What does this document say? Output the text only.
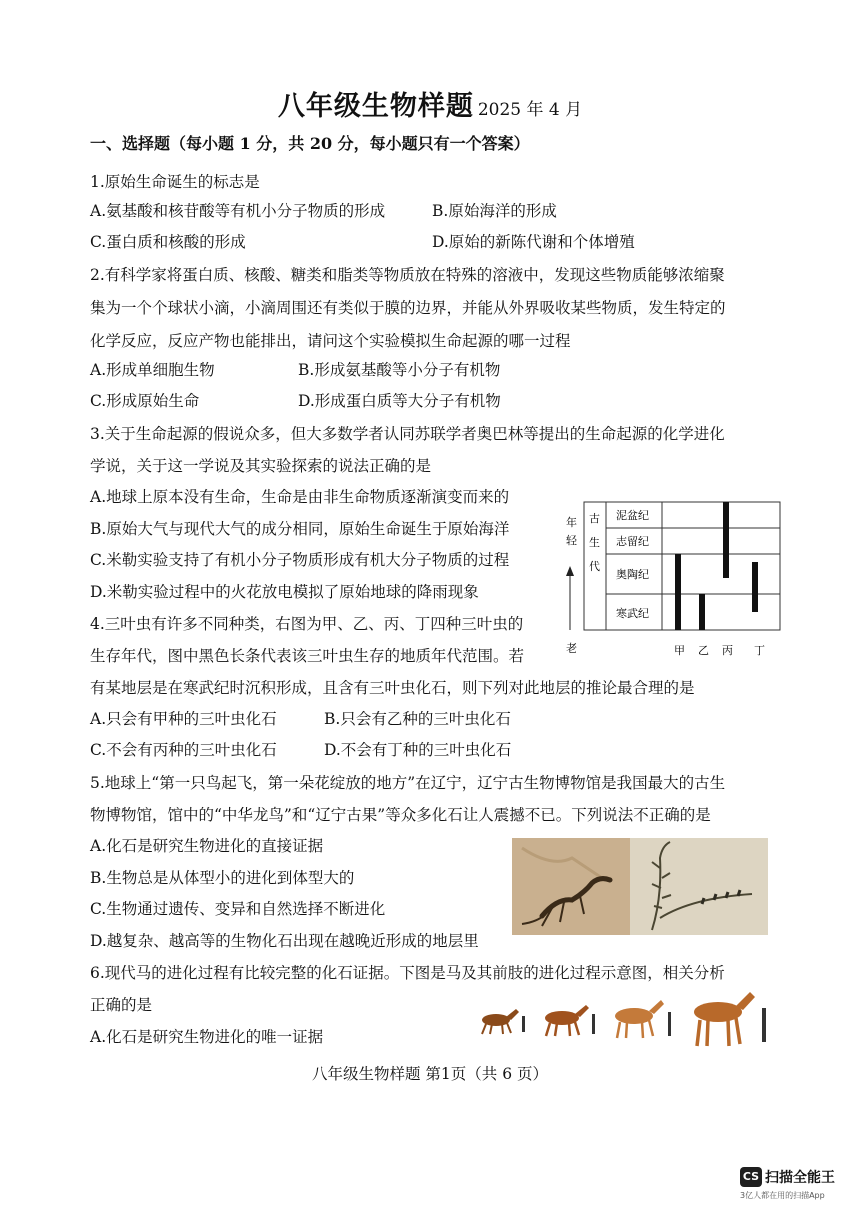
八年级生物样题 2025 年 4 月
一、选择题（每小题 1 分，共 20 分，每小题只有一个答案）
1.原始生命诞生的标志是
A.氨基酸和核苷酸等有机小分子物质的形成	B.原始海洋的形成
C.蛋白质和核酸的形成	D.原始的新陈代谢和个体增殖
2.有科学家将蛋白质、核酸、糖类和脂类等物质放在特殊的溶液中，发现这些物质能够浓缩聚
集为一个个球状小滴，小滴周围还有类似于膜的边界，并能从外界吸收某些物质，发生特定的
化学反应，反应产物也能排出，请问这个实验模拟生命起源的哪一过程
A.形成单细胞生物	B.形成氨基酸等小分子有机物
C.形成原始生命	D.形成蛋白质等大分子有机物
3.关于生命起源的假说众多，但大多数学者认同苏联学者奥巴林等提出的生命起源的化学进化
学说，关于这一学说及其实验探索的说法正确的是
A.地球上原本没有生命，生命是由非生命物质逐渐演变而来的
B.原始大气与现代大气的成分相同，原始生命诞生于原始海洋
C.米勒实验支持了有机小分子物质形成有机大分子物质的过程
D.米勒实验过程中的火花放电模拟了原始地球的降雨现象
4.三叶虫有许多不同种类，右图为甲、乙、丙、丁四种三叶虫的
生存年代，图中黑色长条代表该三叶虫生存的地质年代范围。若
有某地层是在寒武纪时沉积形成，且含有三叶虫化石，则下列对此地层的推论最合理的是
A.只会有甲种的三叶虫化石	B.只会有乙种的三叶虫化石
C.不会有丙种的三叶虫化石	D.不会有丁种的三叶虫化石
年
轻
老
古
生
代
泥盆纪
志留纪
奥陶纪
寒武纪
甲 乙 丙 丁
5.地球上“第一只鸟起飞，第一朵花绽放的地方”在辽宁，辽宁古生物博物馆是我国最大的古生
物博物馆，馆中的“中华龙鸟”和“辽宁古果”等众多化石让人震撼不已。下列说法不正确的是
A.化石是研究生物进化的直接证据
B.生物总是从体型小的进化到体型大的
C.生物通过遗传、变异和自然选择不断进化
D.越复杂、越高等的生物化石出现在越晚近形成的地层里
6.现代马的进化过程有比较完整的化石证据。下图是马及其前肢的进化过程示意图，相关分析
正确的是
A.化石是研究生物进化的唯一证据
八年级生物样题 第1页（共 6 页）
CS 扫描全能王
3亿人都在用的扫描App
